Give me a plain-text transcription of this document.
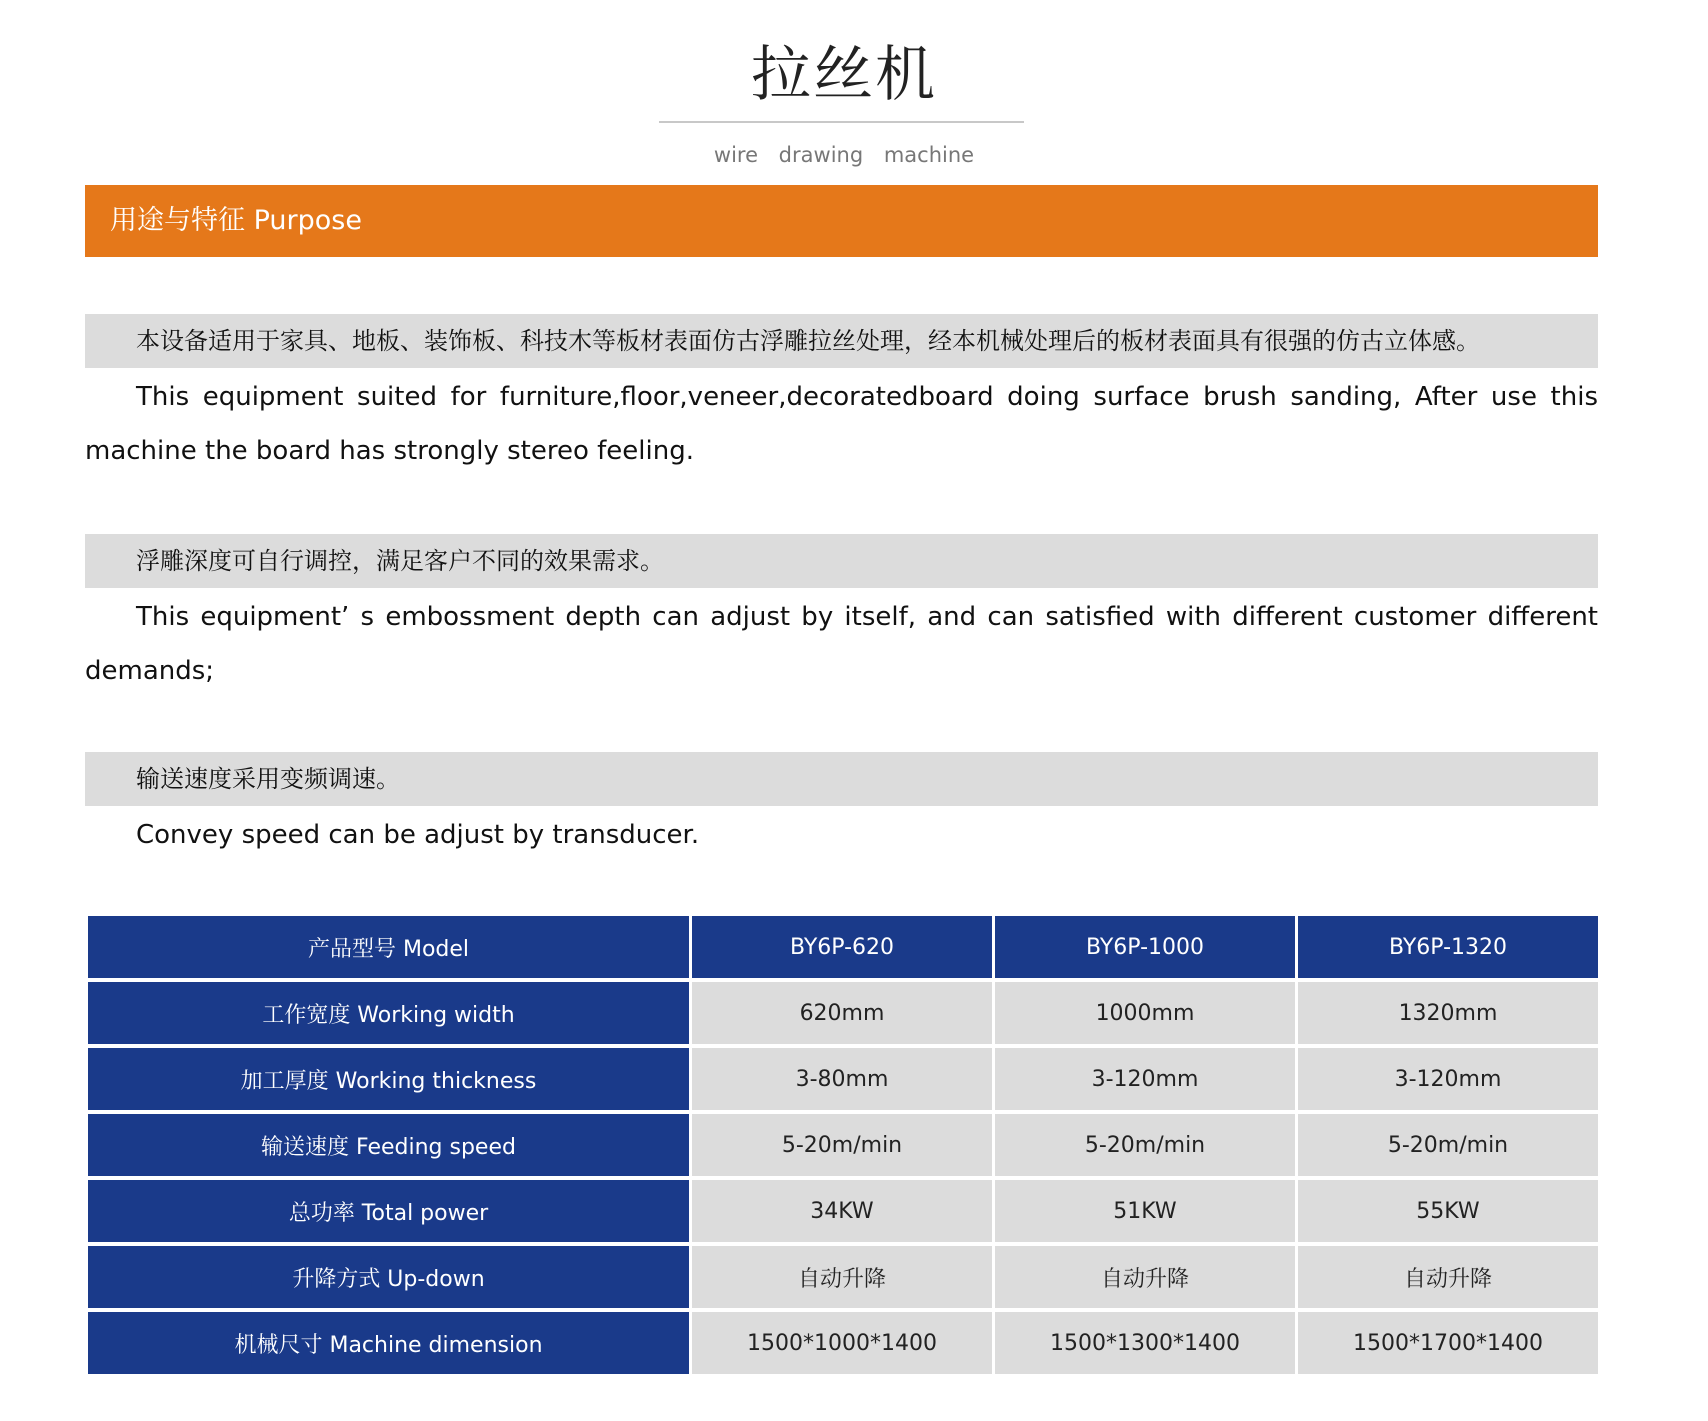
拉丝机
wire drawing machine
用途与特征 Purpose
本设备适用于家具、地板、装饰板、科技木等板材表面仿古浮雕拉丝处理，经本机械处理后的板材表面具有很强的仿古立体感。

This equipment suited for furniture,floor,veneer,decoratedboard doing surface brush sanding, After use this machine the board has strongly stereo feeling.

浮雕深度可自行调控，满足客户不同的效果需求。

This equipment’ s embossment depth can adjust by itself, and can satisfied with different customer different demands;

输送速度采用变频调速。

Convey speed can be adjust by transducer.

产品型号 Model	BY6P-620	BY6P-1000	BY6P-1320
工作宽度 Working width	620mm	1000mm	1320mm
加工厚度 Working thickness	3-80mm	3-120mm	3-120mm
输送速度 Feeding speed	5-20m/min	5-20m/min	5-20m/min
总功率 Total power	34KW	51KW	55KW
升降方式 Up-down	自动升降	自动升降	自动升降
机械尺寸 Machine dimension	1500*1000*1400	1500*1300*1400	1500*1700*1400
